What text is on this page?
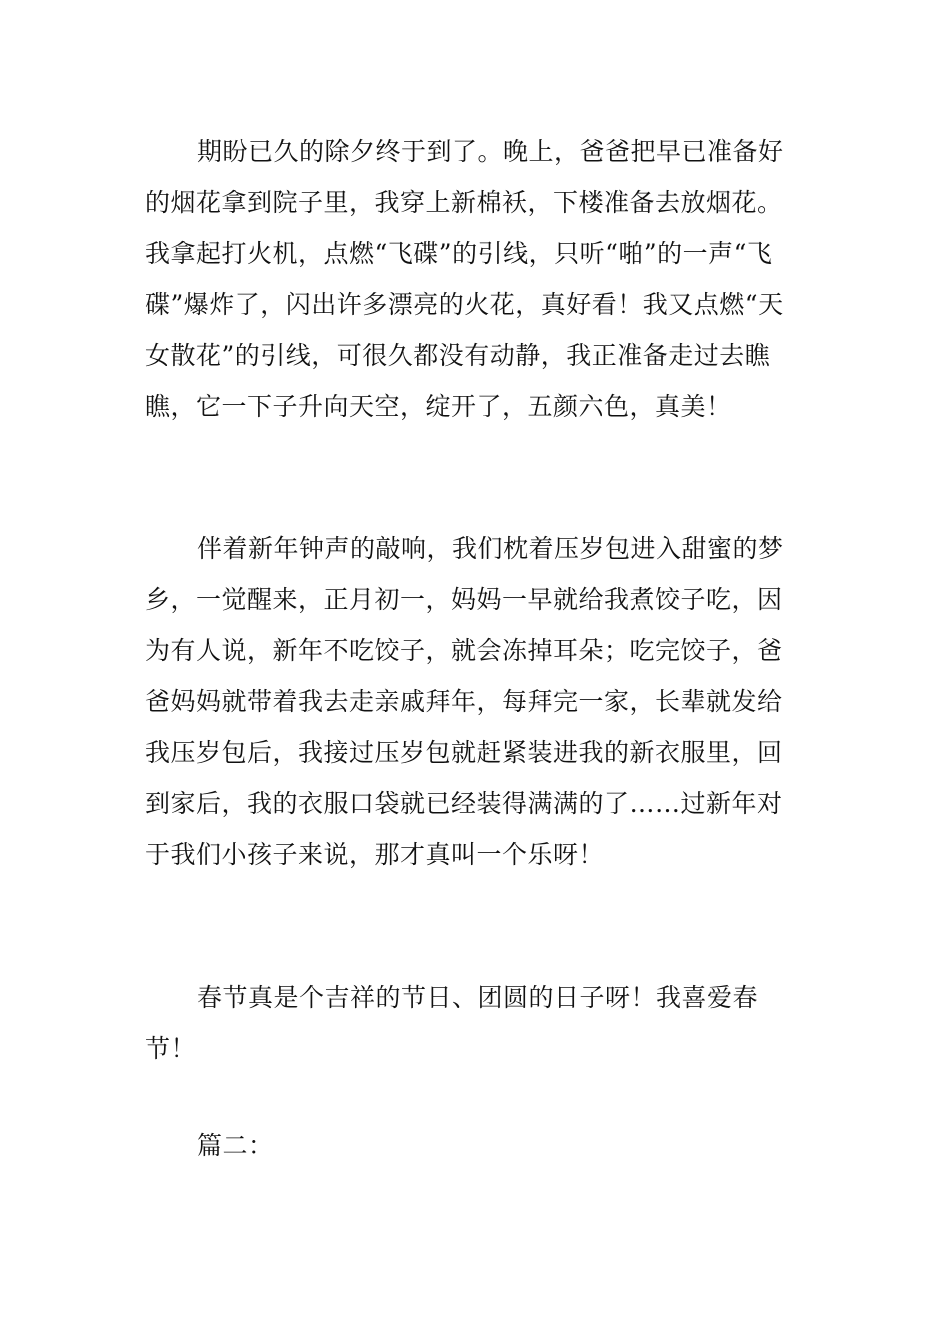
期盼已久的除夕终于到了。晚上，爸爸把早已准备好的烟花拿到院子里，我穿上新棉袄，下楼准备去放烟花。我拿起打火机，点燃“飞碟”的引线，只听“啪”的一声“飞碟”爆炸了，闪出许多漂亮的火花，真好看！我又点燃“天女散花”的引线，可很久都没有动静，我正准备走过去瞧瞧，它一下子升向天空，绽开了，五颜六色，真美！

伴着新年钟声的敲响，我们枕着压岁包进入甜蜜的梦乡，一觉醒来，正月初一，妈妈一早就给我煮饺子吃，因为有人说，新年不吃饺子，就会冻掉耳朵；吃完饺子，爸爸妈妈就带着我去走亲戚拜年，每拜完一家，长辈就发给我压岁包后，我接过压岁包就赶紧装进我的新衣服里，回到家后，我的衣服口袋就已经装得满满的了……过新年对于我们小孩子来说，那才真叫一个乐呀！

春节真是个吉祥的节日、团圆的日子呀！我喜爱春节！

篇二：
